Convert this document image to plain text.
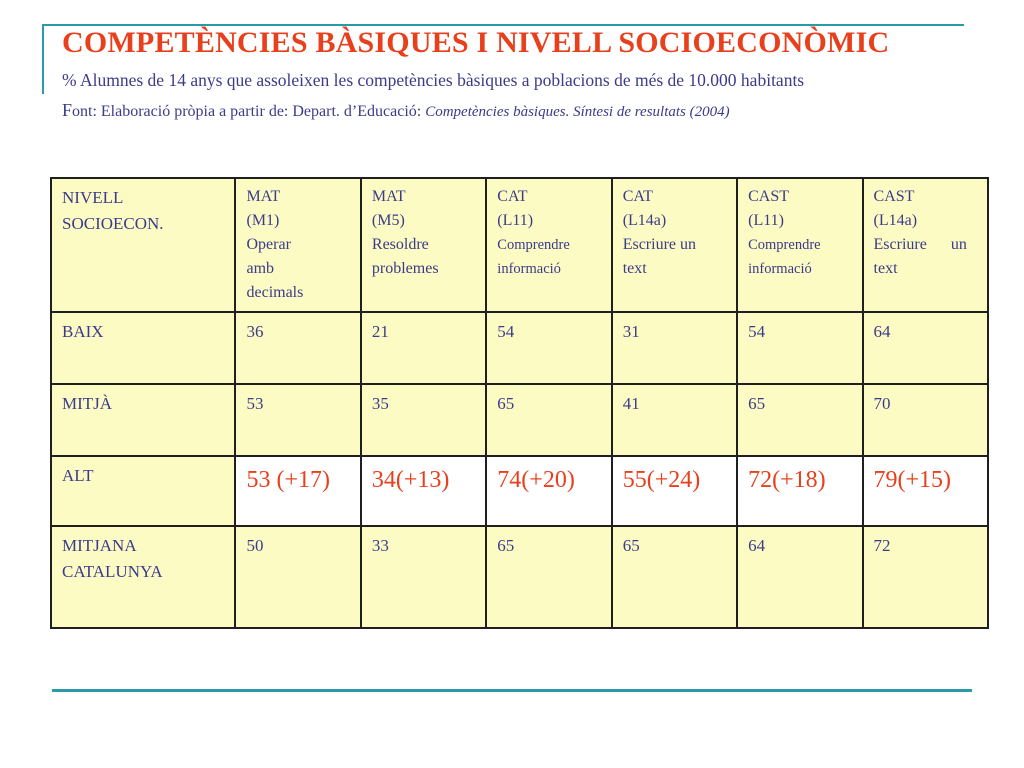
COMPETÈNCIES BÀSIQUES I NIVELL SOCIOECONÒMIC
% Alumnes de 14 anys que assoleixen les competències bàsiques a poblacions de més de 10.000 habitants
Font: Elaboració pròpia a partir de: Depart. d’Educació: Competències bàsiques. Síntesi de resultats (2004)
NIVELL
SOCIOECON.	MAT
(M1)
Operar
amb
decimals	MAT
(M5)
Resoldre
problemes	CAT
(L11)
Comprendre
informació	CAT
(L14a)
Escriure un
text	CAST
(L11)
Comprendre
informació	CAST
(L14a)
Escriure      un
text

BAIX	36	21	54	31	54	64
MITJÀ	53	35	65	41	65	70
ALT	53 (+17)	34(+13)	74(+20)	55(+24)	72(+18)	79(+15)

MITJANA
CATALUNYA	50	33	65	65	64	72
